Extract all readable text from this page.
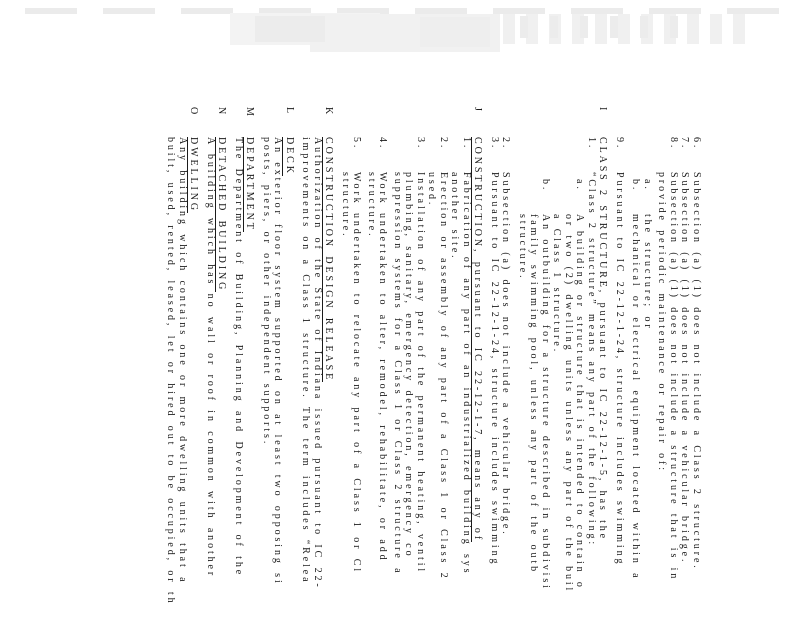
6.
Subsection (a) (1) does not include a Class 2 structure.
7.
Subsection (a) (1) does not include a vehicular bridge.
8.
Subsection (a) (1) does not include a structure that is in
provide periodic maintenance or repair of:
a.
the structure; or
b.
mechanical or electrical equipment located within a
9.
Pursuant to IC 22-12-1-24, structure includes swimming
I
CLASS 2 STRUCTURE, pursuant to IC 22-12-1-5, has the
1.
“Class 2 structure” means any part of the following:
a.
A building or structure that is intended to contain o
or two (2) dwelling units unless any part of the buil
a Class 1 structure.
b.
An outbuilding for a structure described in subdivisi
family swimming pool, unless any part of the outb
structure.
2.
Subsection (a) does not include a vehicular bridge.
3.
Pursuant to IC 22-12-1-24, structure includes swimming
J
CONSTRUCTION, pursuant to IC 22-12-1-7, means any of
1.
Fabrication of any part of an industrialized building sys
another site.
2.
Erection or assembly of any part of a Class 1 or Class 2
used.
3.
Installation of any part of the permanent heating, ventil
plumbing, sanitary, emergency detection, emergency co
suppression systems for a Class 1 or Class 2 structure a
4.
Work undertaken to alter, remodel, rehabilitate, or add
structure.
5.
Work undertaken to relocate any part of a Class 1 or Cl
structure.
K
CONSTRUCTION DESIGN RELEASE
Authorization of the State of Indiana issued pursuant to IC 22-
improvements on a Class 1 structure. The term includes “Relea
L
DECK
An exterior floor system supported on at least two opposing si
posts, piers, or other independent supports.
M
DEPARTMENT
The Department of Building, Planning and Development of the
N
DETACHED BUILDING
A building which has no wall or roof in common with another
O
DWELLING
Any building which contains one or more dwelling units that a
built, used, rented, leased, let or hired out to be occupied, or th
